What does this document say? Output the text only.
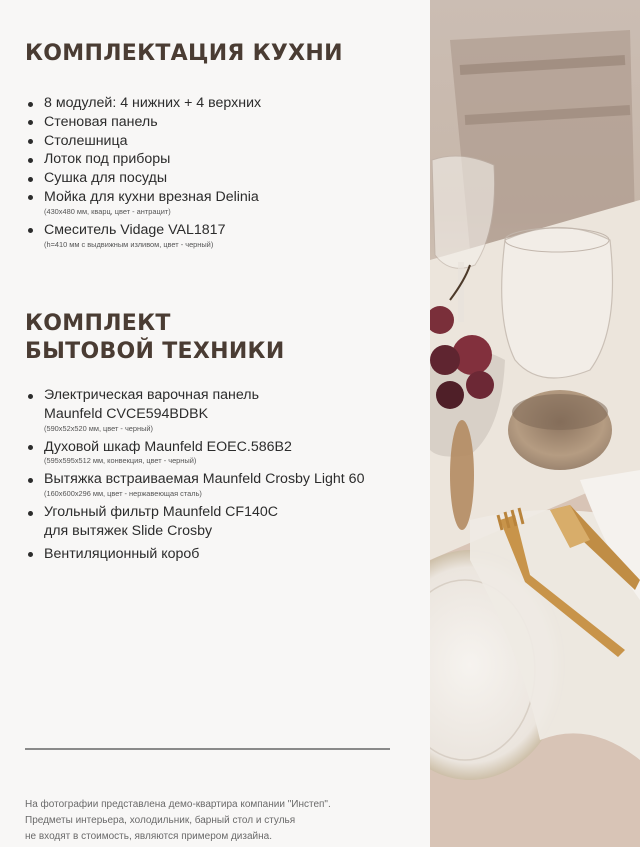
КОМПЛЕКТАЦИЯ КУХНИ
8 модулей: 4 нижних + 4 верхних
Стеновая панель
Столешница
Лоток под приборы
Сушка для посуды
Мойка для кухни врезная Delinia
(430x480 мм, кварц, цвет - антрацит)
Смеситель Vidage VAL1817
(h=410 мм с выдвижным изливом, цвет - черный)
КОМПЛЕКТ
БЫТОВОЙ ТЕХНИКИ
Электрическая варочная панель
Maunfeld CVCE594BDBK
(590x52x520 мм, цвет - черный)
Духовой шкаф Maunfeld EOEC.586B2
(595x595x512 мм, конвекция, цвет - черный)
Вытяжка встраиваемая Maunfeld Crosby Light 60
(160x600x296 мм, цвет - нержавеющая сталь)
Угольный фильтр Maunfeld CF140C
для вытяжек Slide Crosby
Вентиляционный короб
На фотографии представлена демо-квартира компании "Инстеп".
Предметы интерьера, холодильник, барный стол и стулья
не входят в стоимость, являются примером дизайна.
